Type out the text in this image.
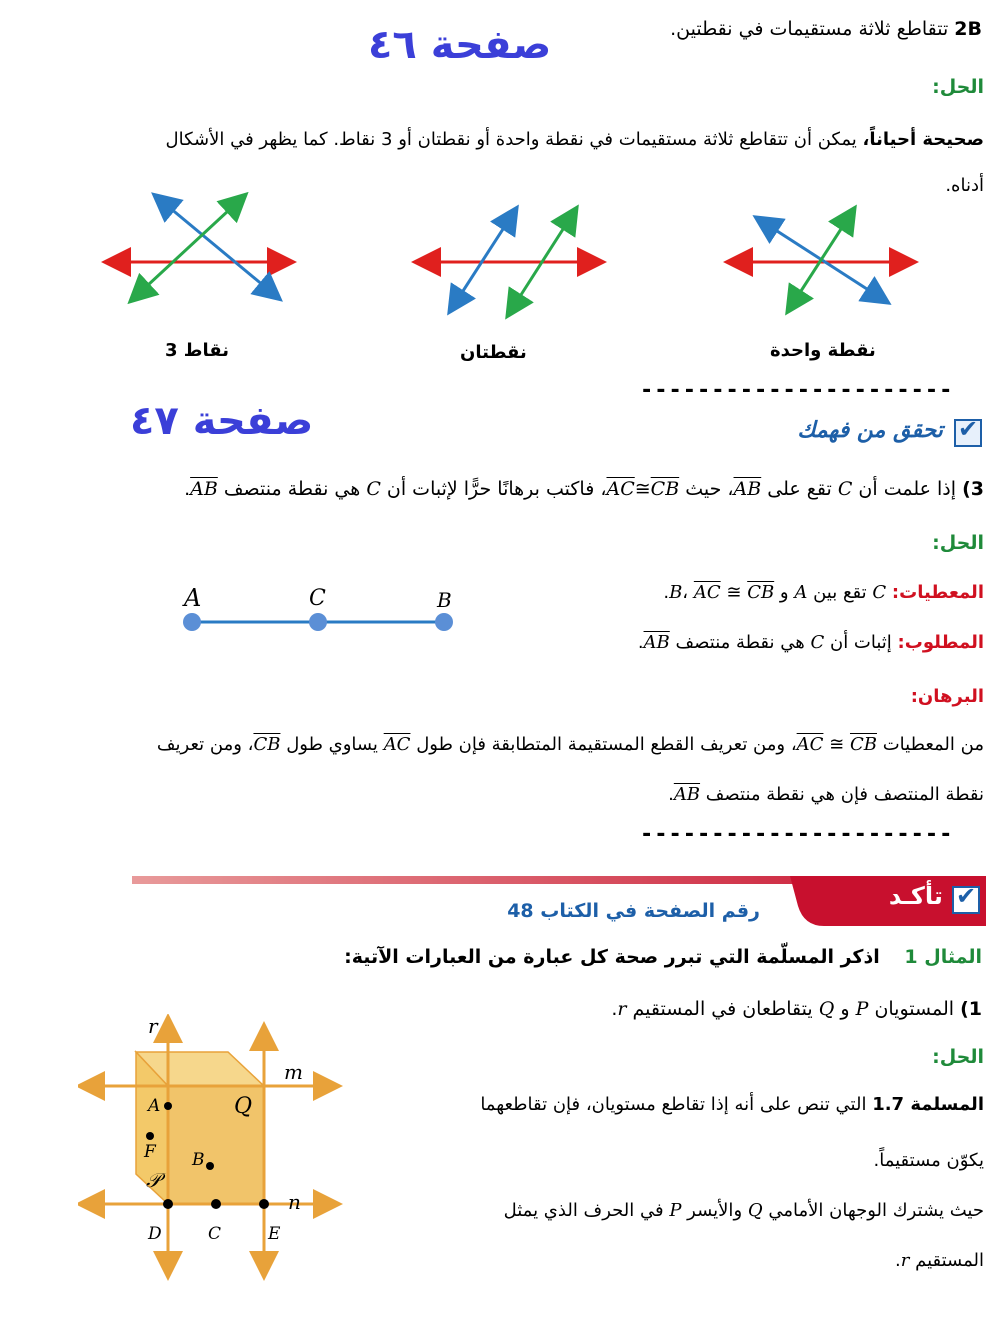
صفحة ٤٦	2B تتقاطع ثلاثة مستقيمات في نقطتين.
الحل:
صحيحة أحياناً، يمكن أن تتقاطع ثلاثة مستقيمات في نقطة واحدة أو نقطتان أو 3 نقاط. كما يظهر في الأشكال
أدناه.
3 نقاط	نقطتان	نقطة واحدة
----------------------
صفحة ٤٧ ✔	تحقق من فهمك
3) إذا علمت أن C تقع على AB، حيث AC≅CB، فاكتب برهانًا حرًّا لإثبات أن C هي نقطة منتصف AB.
الحل:
المعطيات: C تقع بين A و B، AC ≅ CB.
A	C	B
المطلوب: إثبات أن C هي نقطة منتصف AB.
البرهان:
من المعطيات AC ≅ CB، ومن تعريف القطع المستقيمة المتطابقة فإن طول AC يساوي طول CB، ومن تعريف
نقطة المنتصف فإن هي نقطة منتصف AB.
----------------------
✔ تأكـد
رقم الصفحة في الكتاب 48
المثال 1 اذكر المسلّمة التي تبرر صحة كل عبارة من العبارات الآتية:
1) المستويان P و Q يتقاطعان في المستقيم r.
الحل:
المسلمة 1.7 التي تنص على أنه إذا تقاطع مستويان، فإن تقاطعهما
يكوّن مستقيماً.
حيث يشترك الوجهان الأمامي Q والأيسر P في الحرف الذي يمثل
المستقيم r.
r
m
n
A	Q
F B
𝒫
D	C	E
